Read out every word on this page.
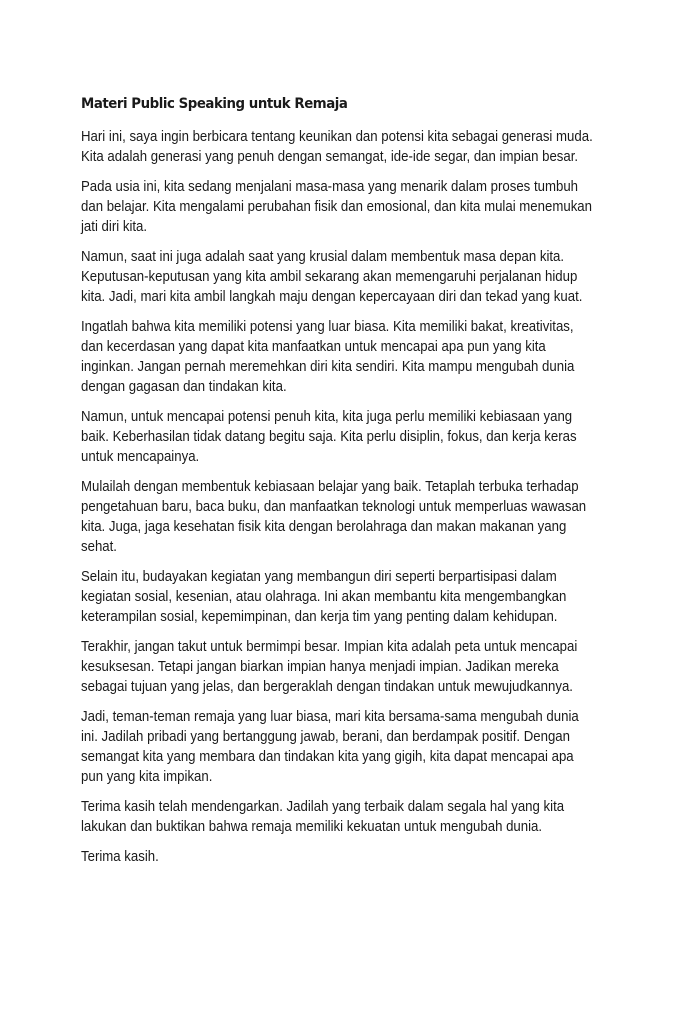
Materi Public Speaking untuk Remaja

Hari ini, saya ingin berbicara tentang keunikan dan potensi kita sebagai generasi muda.
Kita adalah generasi yang penuh dengan semangat, ide-ide segar, dan impian besar.

Pada usia ini, kita sedang menjalani masa-masa yang menarik dalam proses tumbuh
dan belajar. Kita mengalami perubahan fisik dan emosional, dan kita mulai menemukan
jati diri kita.

Namun, saat ini juga adalah saat yang krusial dalam membentuk masa depan kita.
Keputusan-keputusan yang kita ambil sekarang akan memengaruhi perjalanan hidup
kita. Jadi, mari kita ambil langkah maju dengan kepercayaan diri dan tekad yang kuat.

Ingatlah bahwa kita memiliki potensi yang luar biasa. Kita memiliki bakat, kreativitas,
dan kecerdasan yang dapat kita manfaatkan untuk mencapai apa pun yang kita
inginkan. Jangan pernah meremehkan diri kita sendiri. Kita mampu mengubah dunia
dengan gagasan dan tindakan kita.

Namun, untuk mencapai potensi penuh kita, kita juga perlu memiliki kebiasaan yang
baik. Keberhasilan tidak datang begitu saja. Kita perlu disiplin, fokus, dan kerja keras
untuk mencapainya.

Mulailah dengan membentuk kebiasaan belajar yang baik. Tetaplah terbuka terhadap
pengetahuan baru, baca buku, dan manfaatkan teknologi untuk memperluas wawasan
kita. Juga, jaga kesehatan fisik kita dengan berolahraga dan makan makanan yang
sehat.

Selain itu, budayakan kegiatan yang membangun diri seperti berpartisipasi dalam
kegiatan sosial, kesenian, atau olahraga. Ini akan membantu kita mengembangkan
keterampilan sosial, kepemimpinan, dan kerja tim yang penting dalam kehidupan.

Terakhir, jangan takut untuk bermimpi besar. Impian kita adalah peta untuk mencapai
kesuksesan. Tetapi jangan biarkan impian hanya menjadi impian. Jadikan mereka
sebagai tujuan yang jelas, dan bergeraklah dengan tindakan untuk mewujudkannya.

Jadi, teman-teman remaja yang luar biasa, mari kita bersama-sama mengubah dunia
ini. Jadilah pribadi yang bertanggung jawab, berani, dan berdampak positif. Dengan
semangat kita yang membara dan tindakan kita yang gigih, kita dapat mencapai apa
pun yang kita impikan.

Terima kasih telah mendengarkan. Jadilah yang terbaik dalam segala hal yang kita
lakukan dan buktikan bahwa remaja memiliki kekuatan untuk mengubah dunia.

Terima kasih.
